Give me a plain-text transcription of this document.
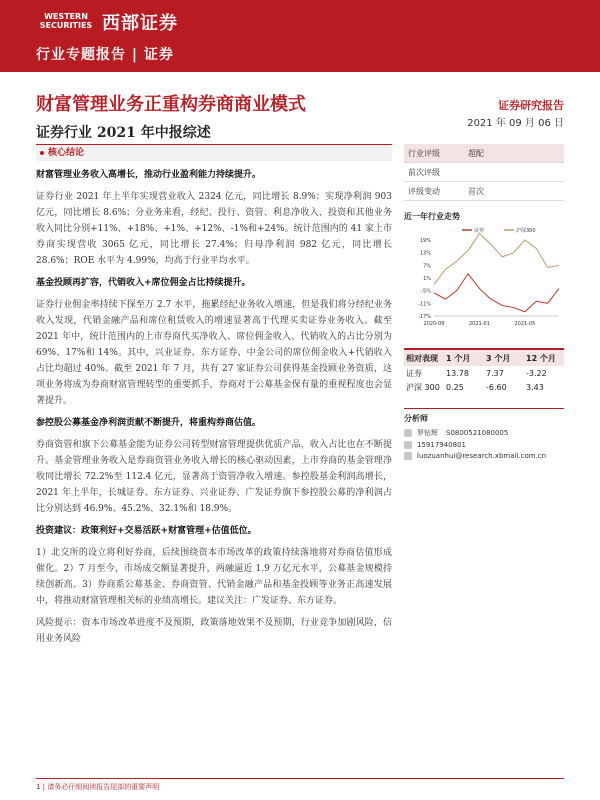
WESTERN
SECURITIES 西部证券
行业专题报告 | 证券
财富管理业务正重构券商商业模式
证券行业 2021 年中报综述
证券研究报告
2021 年 09 月 06 日
核心结论
财富管理业务收入高增长，推动行业盈利能力持续提升。
证券行业 2021 年上半年实现营业收入 2324 亿元，同比增长 8.9%；实现净利润 903 亿元，同比增长 8.6%；分业务来看，经纪、投行、资管、利息净收入、投资和其他业务收入同比分别+11%、+18%、+1%、+12%、-1%和+24%。统计范围内的 41 家上市券商实现营收 3065 亿元，同比增长 27.4%；归母净利润 982 亿元，同比增长 28.6%；ROE 水平为 4.99%，均高于行业平均水平。
基金投顾再扩容，代销收入+席位佣金占比持续提升。
证券行业佣金率持续下探至万 2.7 水平，拖累经纪业务收入增速，但是我们将分经纪业务收入发现，代销金融产品和席位租赁收入的增速显著高于代理买卖证券业务收入。截至 2021 年中，统计范围内的上市券商代买净收入、席位佣金收入、代销收入的占比分别为 69%、17%和 14%。其中，兴业证券、东方证券、中金公司的席位佣金收入+代销收入占比均超过 40%。截至 2021 年 7 月，共有 27 家证券公司获得基金投顾业务资质，这项业务将成为券商财富管理转型的重要抓手，券商对于公募基金保有量的重视程度也会显著提升。
参控股公募基金净利润贡献不断提升，将重构券商估值。
券商资管和旗下公募基金能为证券公司转型财富管理提供优质产品，收入占比也在不断提升。基金管理业务收入是券商资管业务收入增长的核心驱动因素，上市券商的基金管理净收同比增长 72.2%至 112.4 亿元，显著高于资管净收入增速。参控股基金利润高增长，2021 年上半年，长城证券、东方证券、兴业证券、广发证券旗下参控股公募的净利润占比分别达到 46.9%、45.2%、32.1%和 18.9%。
投资建议：政策利好+交易活跃+财富管理+估值低位。
1）北交所的设立将利好券商，后续围绕资本市场改革的政策持续落地将对券商估值形成催化。2）7 月至今，市场成交额显著提升，两融逼近 1.9 万亿元水平，公募基金规模持续创新高。3）券商系公募基金、券商资管、代销金融产品和基金投顾等业务正高速发展中，将推动财富管理相关标的业绩高增长。建议关注：广发证券、东方证券。
风险提示：资本市场改革进度不及预期，政策落地效果不及预期，行业竞争加剧风险，信用业务风险
行业评级	超配
前次评级
评级变动	首次
近一年行业走势
证券	沪深300
19%
13%
7%
1%
-5%
-11%
-17%
2020-09	2021-01	2021-05
相对表现	1 个月	3 个月	12 个月
证券	13.78	7.37	-3.22
沪深 300 0.25	-6.60	3.43
分析师
罗钻辉 S0800521080005
15917940801
luozuanhui@research.xbmail.com.cn
1 | 请务必仔细阅读报告尾部的重要声明
